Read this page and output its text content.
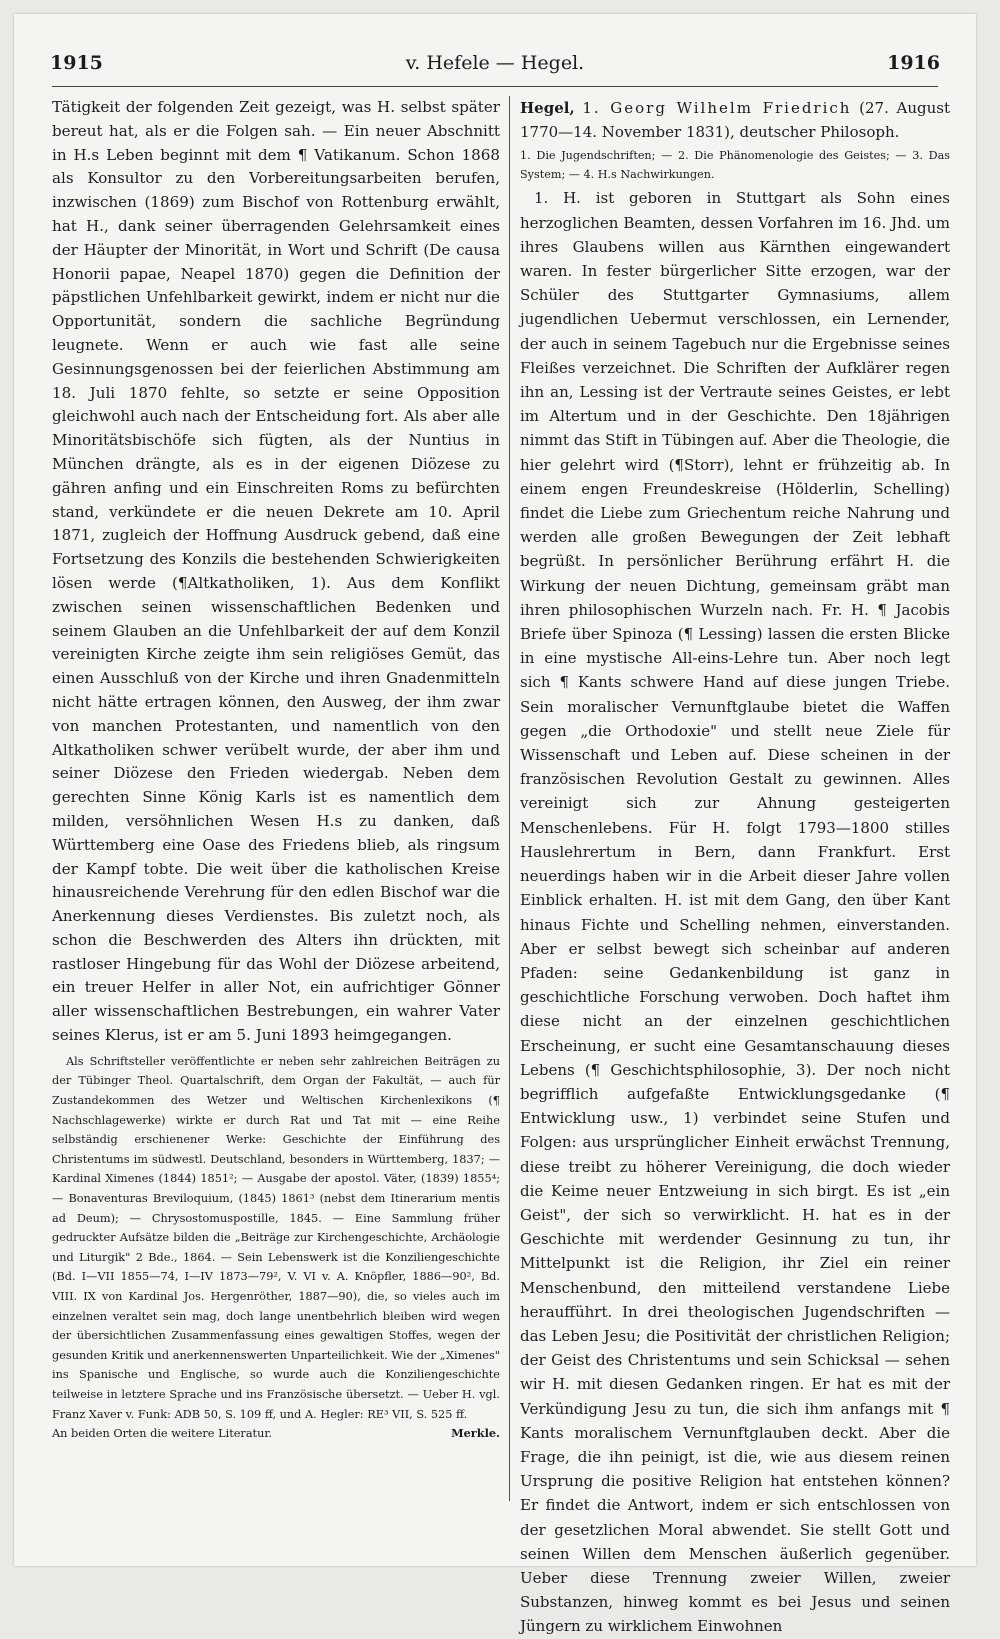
1915	v. Hefele — Hegel.	1916

Tätigkeit der folgenden Zeit gezeigt, was H. selbst später bereut hat, als er die Folgen sah. — Ein neuer Abschnitt in H.s Leben beginnt mit dem ¶ Vatikanum. Schon 1868 als Konsultor zu den Vorbereitungsarbeiten berufen, inzwischen (1869) zum Bischof von Rottenburg erwählt, hat H., dank seiner überragenden Gelehrsamkeit eines der Häupter der Minorität, in Wort und Schrift (De causa Honorii papae, Neapel 1870) gegen die Definition der päpstlichen Unfehlbarkeit gewirkt, indem er nicht nur die Opportunität, sondern die sachliche Begründung leugnete. Wenn er auch wie fast alle seine Gesinnungsgenossen bei der feierlichen Abstimmung am 18. Juli 1870 fehlte, so setzte er seine Opposition gleichwohl auch nach der Entscheidung fort. Als aber alle Minoritätsbischöfe sich fügten, als der Nuntius in München drängte, als es in der eigenen Diözese zu gähren anfing und ein Einschreiten Roms zu befürchten stand, verkündete er die neuen Dekrete am 10. April 1871, zugleich der Hoffnung Ausdruck gebend, daß eine Fortsetzung des Konzils die bestehenden Schwierigkeiten lösen werde (¶Altkatholiken, 1). Aus dem Konflikt zwischen seinen wissenschaftlichen Bedenken und seinem Glauben an die Unfehlbarkeit der auf dem Konzil vereinigten Kirche zeigte ihm sein religiöses Gemüt, das einen Ausschluß von der Kirche und ihren Gnadenmitteln nicht hätte ertragen können, den Ausweg, der ihm zwar von manchen Protestanten, und namentlich von den Altkatholiken schwer verübelt wurde, der aber ihm und seiner Diözese den Frieden wiedergab. Neben dem gerechten Sinne König Karls ist es namentlich dem milden, versöhnlichen Wesen H.s zu danken, daß Württemberg eine Oase des Friedens blieb, als ringsum der Kampf tobte. Die weit über die katholischen Kreise hinausreichende Verehrung für den edlen Bischof war die Anerkennung dieses Verdienstes. Bis zuletzt noch, als schon die Beschwerden des Alters ihn drückten, mit rastloser Hingebung für das Wohl der Diözese arbeitend, ein treuer Helfer in aller Not, ein aufrichtiger Gönner aller wissenschaftlichen Bestrebungen, ein wahrer Vater seines Klerus, ist er am 5. Juni 1893 heimgegangen.

Als Schriftsteller veröffentlichte er neben sehr zahlreichen Beiträgen zu der Tübinger Theol. Quartalschrift, dem Organ der Fakultät, — auch für Zustandekommen des Wetzer und Weltischen Kirchenlexikons (¶ Nachschlagewerke) wirkte er durch Rat und Tat mit — eine Reihe selbständig erschienener Werke: Geschichte der Einführung des Christentums im südwestl. Deutschland, besonders in Württemberg, 1837; — Kardinal Ximenes (1844) 1851²; — Ausgabe der apostol. Väter, (1839) 1855⁴; — Bonaventuras Breviloquium, (1845) 1861³ (nebst dem Itinerarium mentis ad Deum); — Chrysostomuspostille, 1845. — Eine Sammlung früher gedruckter Aufsätze bilden die „Beiträge zur Kirchengeschichte, Archäologie und Liturgik" 2 Bde., 1864. — Sein Lebenswerk ist die Konziliengeschichte (Bd. I—VII 1855—74, I—IV 1873—79², V. VI v. A. Knöpfler, 1886—90², Bd. VIII. IX von Kardinal Jos. Hergenröther, 1887—90), die, so vieles auch im einzelnen veraltet sein mag, doch lange unentbehrlich bleiben wird wegen der übersichtlichen Zusammenfassung eines gewaltigen Stoffes, wegen der gesunden Kritik und anerkennenswerten Unparteilichkeit. Wie der „Ximenes" ins Spanische und Englische, so wurde auch die Konziliengeschichte teilweise in letztere Sprache und ins Französische übersetzt. — Ueber H. vgl. Franz Xaver v. Funk: ADB 50, S. 109 ff, und A. Hegler: RE³ VII, S. 525 ff.

An beiden Orten die weitere Literatur.	Merkle.

Hegel, 1. Georg Wilhelm Friedrich (27. August 1770—14. November 1831), deutscher Philosoph.

1. Die Jugendschriften; — 2. Die Phänomenologie des Geistes; — 3. Das System; — 4. H.s Nachwirkungen.

1. H. ist geboren in Stuttgart als Sohn eines herzoglichen Beamten, dessen Vorfahren im 16. Jhd. um ihres Glaubens willen aus Kärnthen eingewandert waren. In fester bürgerlicher Sitte erzogen, war der Schüler des Stuttgarter Gymnasiums, allem jugendlichen Uebermut verschlossen, ein Lernender, der auch in seinem Tagebuch nur die Ergebnisse seines Fleißes verzeichnet. Die Schriften der Aufklärer regen ihn an, Lessing ist der Vertraute seines Geistes, er lebt im Altertum und in der Geschichte. Den 18jährigen nimmt das Stift in Tübingen auf. Aber die Theologie, die hier gelehrt wird (¶Storr), lehnt er frühzeitig ab. In einem engen Freundeskreise (Hölderlin, Schelling) findet die Liebe zum Griechentum reiche Nahrung und werden alle großen Bewegungen der Zeit lebhaft begrüßt. In persönlicher Berührung erfährt H. die Wirkung der neuen Dichtung, gemeinsam gräbt man ihren philosophischen Wurzeln nach. Fr. H. ¶ Jacobis Briefe über Spinoza (¶ Lessing) lassen die ersten Blicke in eine mystische All-eins-Lehre tun. Aber noch legt sich ¶ Kants schwere Hand auf diese jungen Triebe. Sein moralischer Vernunftglaube bietet die Waffen gegen „die Orthodoxie" und stellt neue Ziele für Wissenschaft und Leben auf. Diese scheinen in der französischen Revolution Gestalt zu gewinnen. Alles vereinigt sich zur Ahnung gesteigerten Menschenlebens. Für H. folgt 1793—1800 stilles Hauslehrertum in Bern, dann Frankfurt. Erst neuerdings haben wir in die Arbeit dieser Jahre vollen Einblick erhalten. H. ist mit dem Gang, den über Kant hinaus Fichte und Schelling nehmen, einverstanden. Aber er selbst bewegt sich scheinbar auf anderen Pfaden: seine Gedankenbildung ist ganz in geschichtliche Forschung verwoben. Doch haftet ihm diese nicht an der einzelnen geschichtlichen Erscheinung, er sucht eine Gesamtanschauung dieses Lebens (¶ Geschichtsphilosophie, 3). Der noch nicht begrifflich aufgefaßte Entwicklungsgedanke (¶ Entwicklung usw., 1) verbindet seine Stufen und Folgen: aus ursprünglicher Einheit erwächst Trennung, diese treibt zu höherer Vereinigung, die doch wieder die Keime neuer Entzweiung in sich birgt. Es ist „ein Geist", der sich so verwirklicht. H. hat es in der Geschichte mit werdender Gesinnung zu tun, ihr Mittelpunkt ist die Religion, ihr Ziel ein reiner Menschenbund, den mitteilend verstandene Liebe heraufführt. In drei theologischen Jugendschriften — das Leben Jesu; die Positivität der christlichen Religion; der Geist des Christentums und sein Schicksal — sehen wir H. mit diesen Gedanken ringen. Er hat es mit der Verkündigung Jesu zu tun, die sich ihm anfangs mit ¶ Kants moralischem Vernunftglauben deckt. Aber die Frage, die ihn peinigt, ist die, wie aus diesem reinen Ursprung die positive Religion hat entstehen können? Er findet die Antwort, indem er sich entschlossen von der gesetzlichen Moral abwendet. Sie stellt Gott und seinen Willen dem Menschen äußerlich gegenüber. Ueber diese Trennung zweier Willen, zweier Substanzen, hinweg kommt es bei Jesus und seinen Jüngern zu wirklichem Einwohnen
